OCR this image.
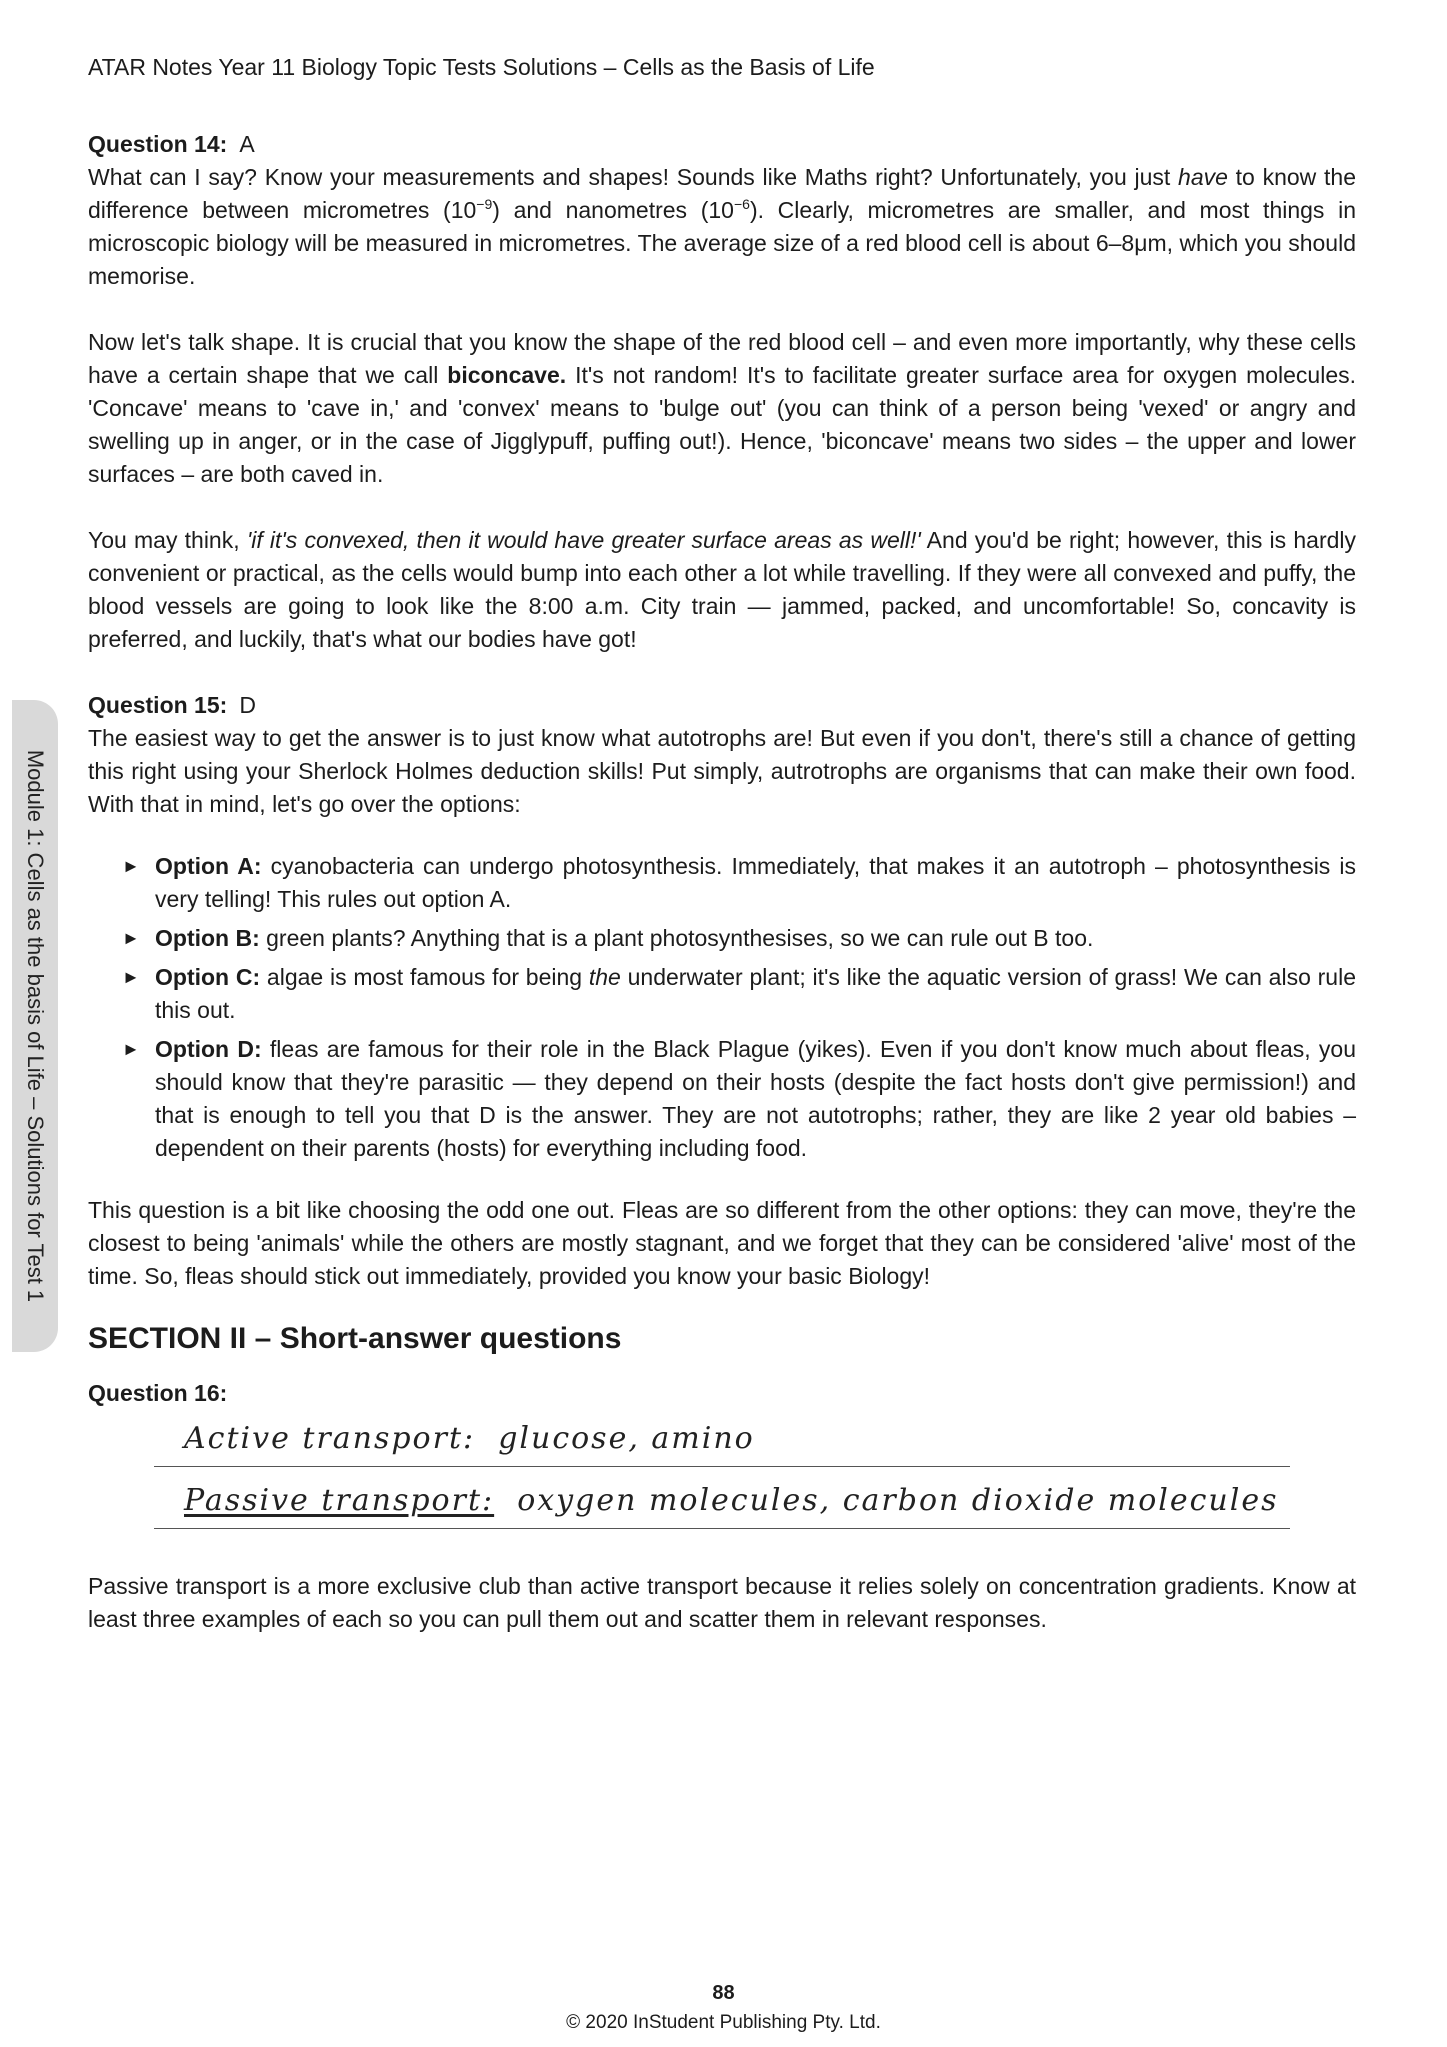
ATAR Notes Year 11 Biology Topic Tests Solutions – Cells as the Basis of Life
Module 1: Cells as the basis of Life – Solutions for Test 1
Question 14: A

What can I say? Know your measurements and shapes! Sounds like Maths right? Unfortunately, you just have to know the difference between micrometres $(10^{-9})$ and nanometres $(10^{-6})$. Clearly, micrometres are smaller, and most things in microscopic biology will be measured in micrometres. The average size of a red blood cell is about 6–8μm, which you should memorise.

Now let's talk shape. It is crucial that you know the shape of the red blood cell – and even more importantly, why these cells have a certain shape that we call biconcave. It's not random! It's to facilitate greater surface area for oxygen molecules. 'Concave' means to 'cave in,' and 'convex' means to 'bulge out' (you can think of a person being 'vexed' or angry and swelling up in anger, or in the case of Jigglypuff, puffing out!). Hence, 'biconcave' means two sides – the upper and lower surfaces – are both caved in.

You may think, 'if it's convexed, then it would have greater surface areas as well!' And you'd be right; however, this is hardly convenient or practical, as the cells would bump into each other a lot while travelling. If they were all convexed and puffy, the blood vessels are going to look like the 8:00 a.m. City train — jammed, packed, and uncomfortable! So, concavity is preferred, and luckily, that's what our bodies have got!

Question 15: D

The easiest way to get the answer is to just know what autotrophs are! But even if you don't, there's still a chance of getting this right using your Sherlock Holmes deduction skills! Put simply, autrotrophs are organisms that can make their own food. With that in mind, let's go over the options:

► Option A: cyanobacteria can undergo photosynthesis. Immediately, that makes it an autotroph – photosynthesis is very telling! This rules out option A.
► Option B: green plants? Anything that is a plant photosynthesises, so we can rule out B too.
► Option C: algae is most famous for being the underwater plant; it's like the aquatic version of grass! We can also rule this out.
► Option D: fleas are famous for their role in the Black Plague (yikes). Even if you don't know much about fleas, you should know that they're parasitic — they depend on their hosts (despite the fact hosts don't give permission!) and that is enough to tell you that D is the answer. They are not autotrophs; rather, they are like 2 year old babies – dependent on their parents (hosts) for everything including food.

This question is a bit like choosing the odd one out. Fleas are so different from the other options: they can move, they're the closest to being 'animals' while the others are mostly stagnant, and we forget that they can be considered 'alive' most of the time. So, fleas should stick out immediately, provided you know your basic Biology!

SECTION II – Short-answer questions
Question 16:
Active transport: glucose, amino
Passive transport: oxygen molecules, carbon dioxide molecules

Passive transport is a more exclusive club than active transport because it relies solely on concentration gradients. Know at least three examples of each so you can pull them out and scatter them in relevant responses.

88
© 2020 InStudent Publishing Pty. Ltd.
